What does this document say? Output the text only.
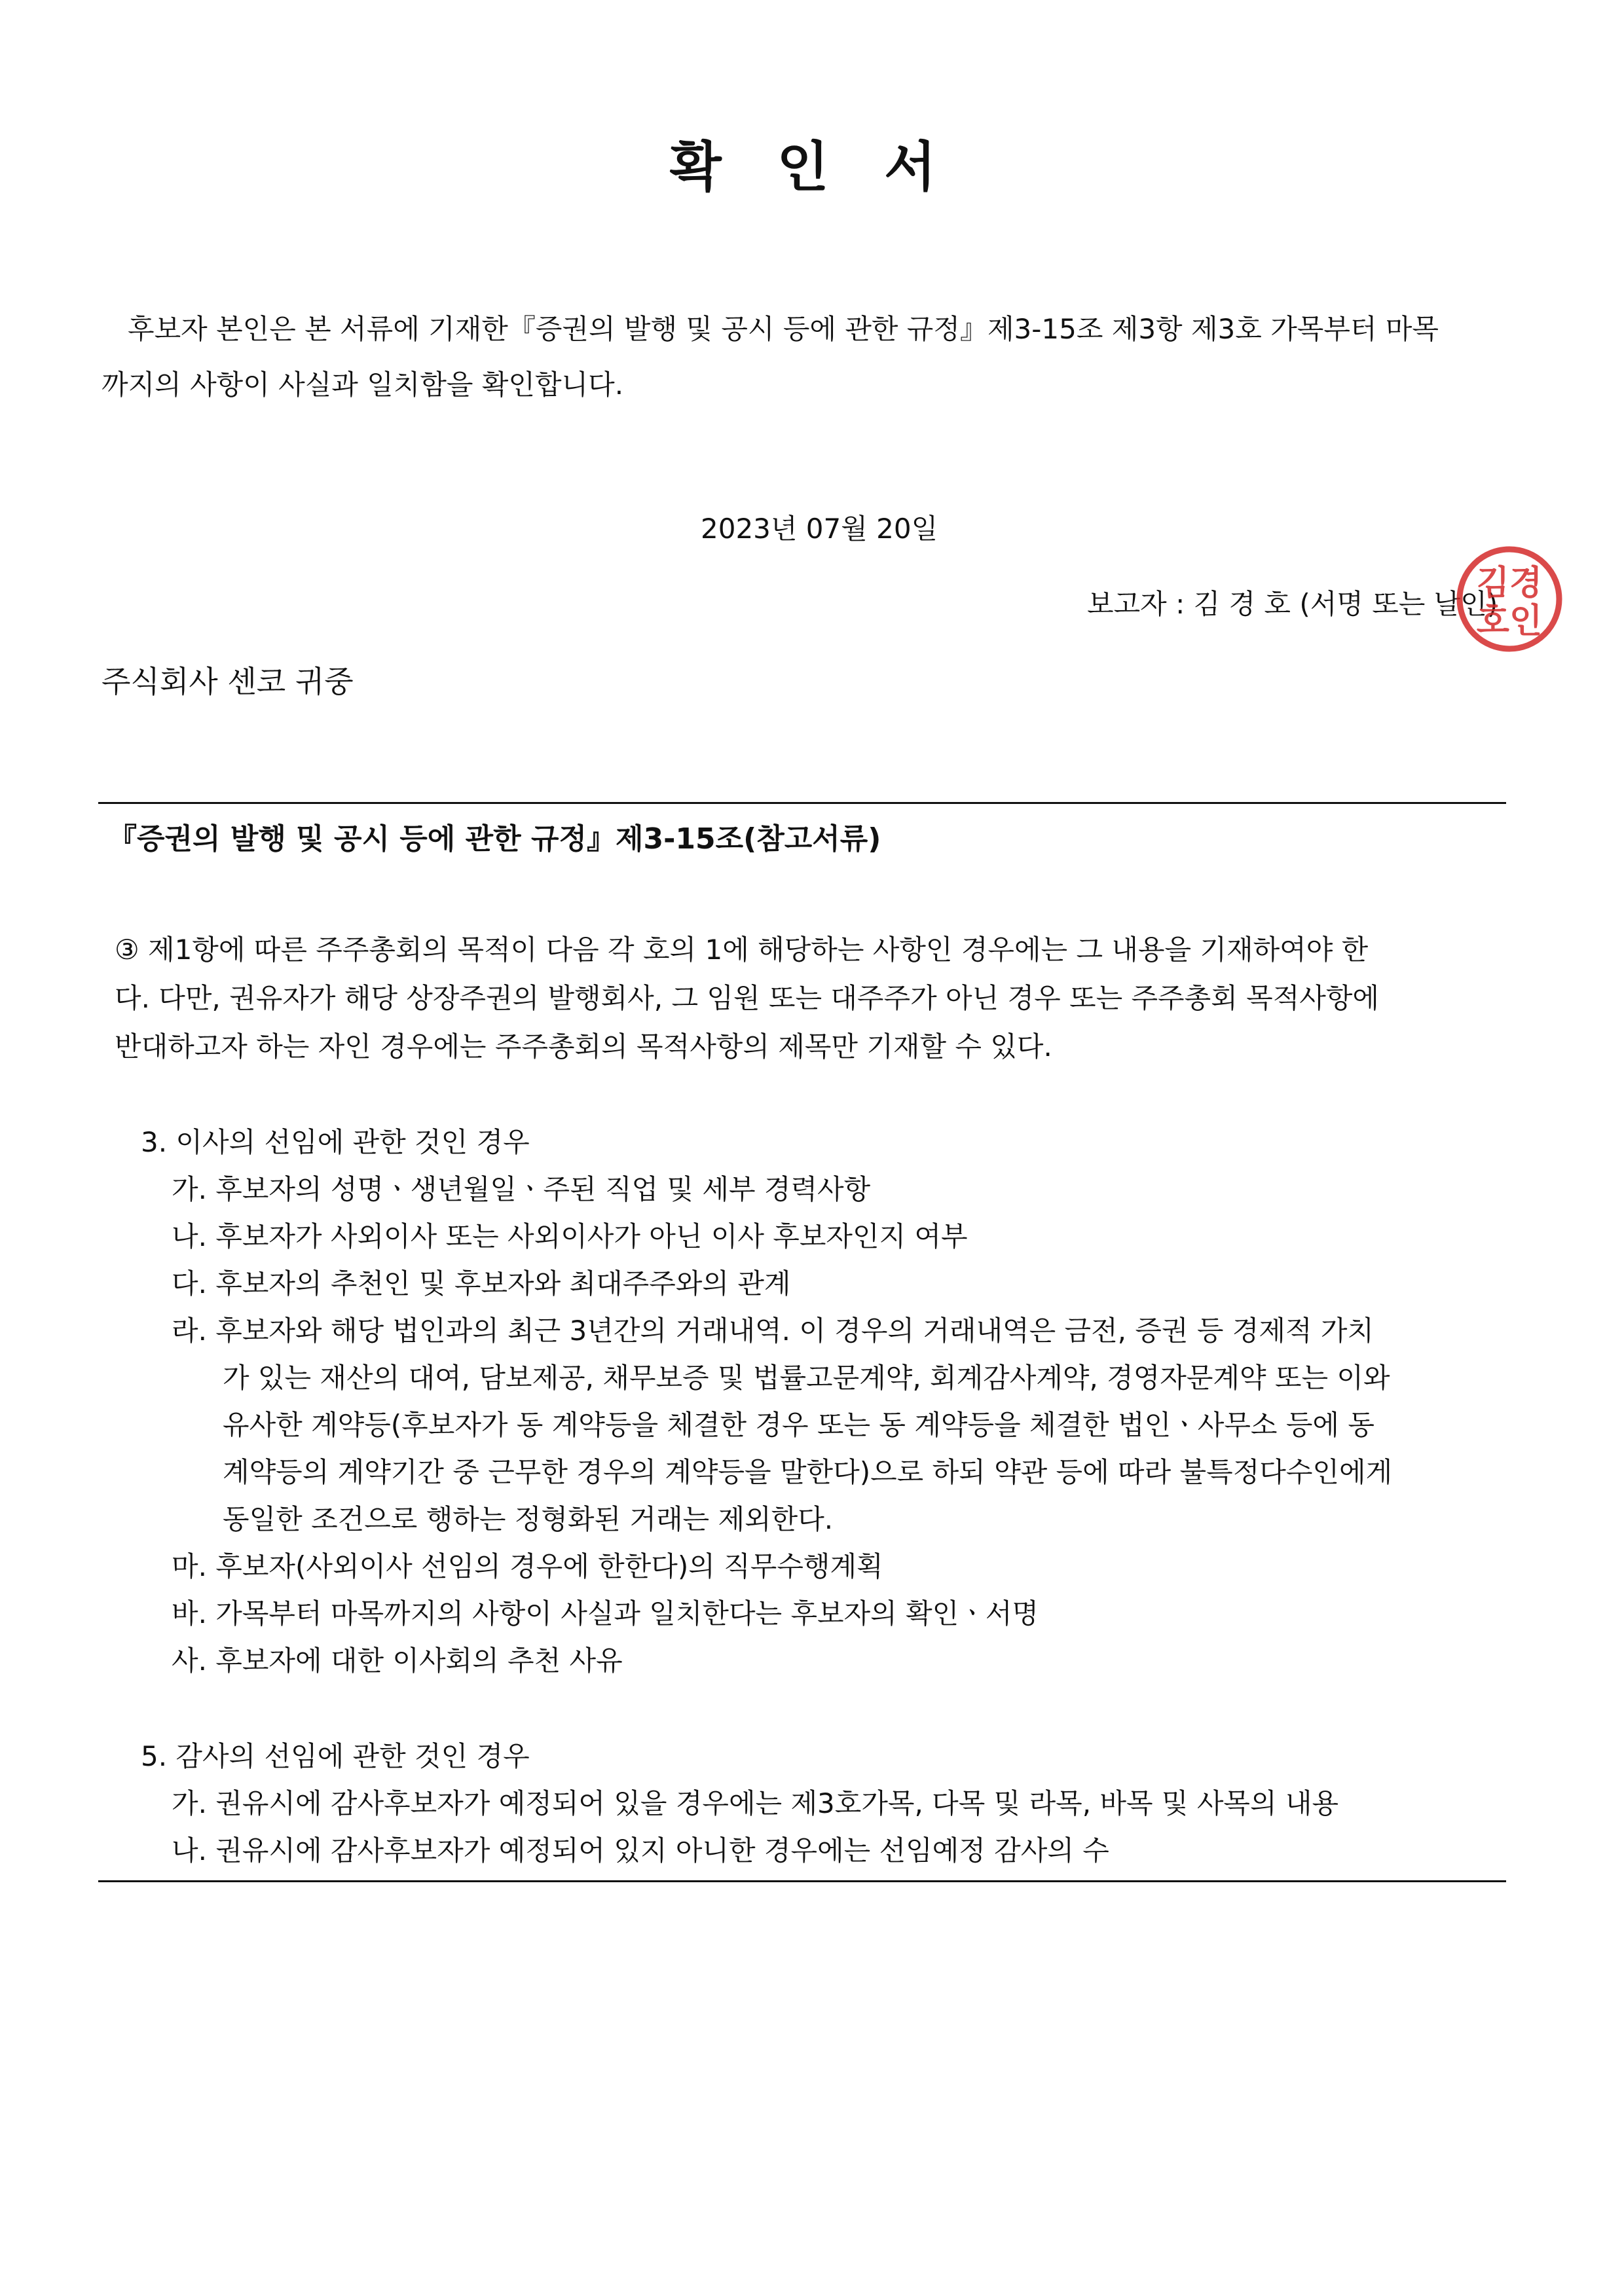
확 인 서
후보자 본인은 본 서류에 기재한『증권의 발행 및 공시 등에 관한 규정』제3-15조 제3항 제3호 가목부터 마목
까지의 사항이 사실과 일치함을 확인합니다.
2023년 07월 20일
보고자 : 김 경 호 (서명 또는 날인)
김경
호인
주식회사 센코 귀중
『증권의 발행 및 공시 등에 관한 규정』제3-15조(참고서류)
③ 제1항에 따른 주주총회의 목적이 다음 각 호의 1에 해당하는 사항인 경우에는 그 내용을 기재하여야 한
다. 다만, 권유자가 해당 상장주권의 발행회사, 그 임원 또는 대주주가 아닌 경우 또는 주주총회 목적사항에
반대하고자 하는 자인 경우에는 주주총회의 목적사항의 제목만 기재할 수 있다.
3. 이사의 선임에 관한 것인 경우
가. 후보자의 성명ㆍ생년월일ㆍ주된 직업 및 세부 경력사항
나. 후보자가 사외이사 또는 사외이사가 아닌 이사 후보자인지 여부
다. 후보자의 추천인 및 후보자와 최대주주와의 관계
라. 후보자와 해당 법인과의 최근 3년간의 거래내역. 이 경우의 거래내역은 금전, 증권 등 경제적 가치
가 있는 재산의 대여, 담보제공, 채무보증 및 법률고문계약, 회계감사계약, 경영자문계약 또는 이와
유사한 계약등(후보자가 동 계약등을 체결한 경우 또는 동 계약등을 체결한 법인ㆍ사무소 등에 동
계약등의 계약기간 중 근무한 경우의 계약등을 말한다)으로 하되 약관 등에 따라 불특정다수인에게
동일한 조건으로 행하는 정형화된 거래는 제외한다.
마. 후보자(사외이사 선임의 경우에 한한다)의 직무수행계획
바. 가목부터 마목까지의 사항이 사실과 일치한다는 후보자의 확인ㆍ서명
사. 후보자에 대한 이사회의 추천 사유
5. 감사의 선임에 관한 것인 경우
가. 권유시에 감사후보자가 예정되어 있을 경우에는 제3호가목, 다목 및 라목, 바목 및 사목의 내용
나. 권유시에 감사후보자가 예정되어 있지 아니한 경우에는 선임예정 감사의 수
